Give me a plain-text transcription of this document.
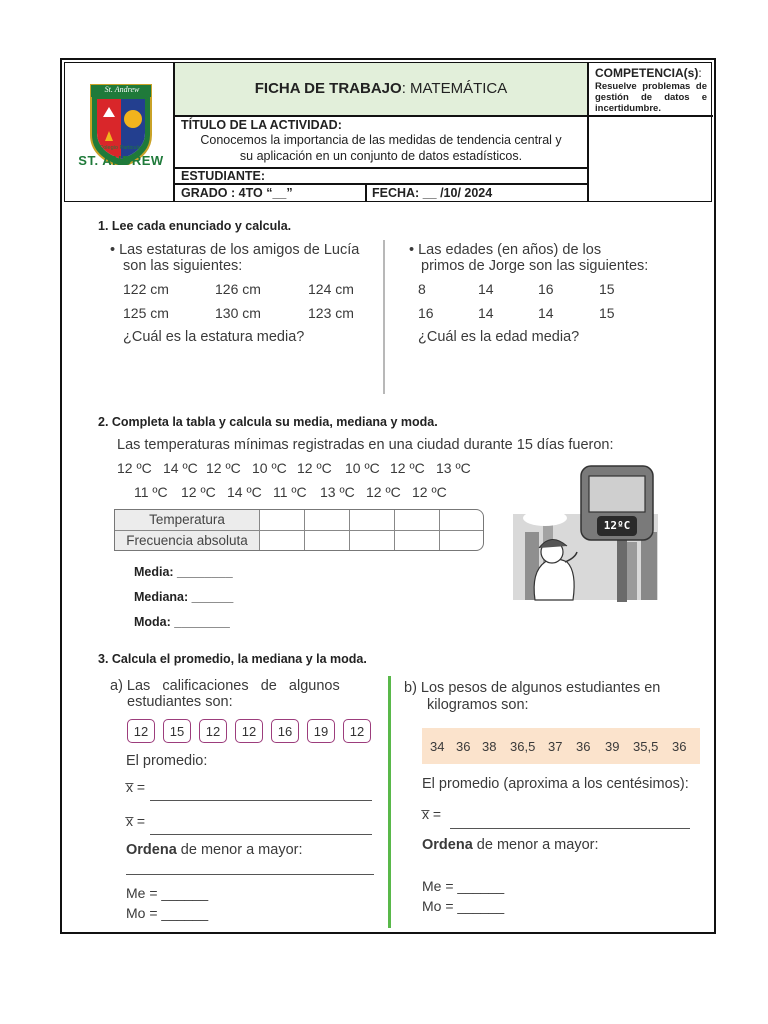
St. Andrew
Colegio Particular
ST. ANDREW
FICHA DE TRABAJO: MATEMÁTICA
COMPETENCIA(s):
Resuelve problemas de gestión de datos e incertidumbre.
TÍTULO DE LA ACTIVIDAD:
Conocemos la importancia de las medidas de tendencia central y
su aplicación en un conjunto de datos estadísticos.
ESTUDIANTE:
GRADO : 4TO “__”	FECHA: __ /10/ 2024
1. Lee cada enunciado y calcula.
• Las estaturas de los amigos de Lucía
son las siguientes:
122 cm	126 cm	124 cm
125 cm	130 cm	123 cm
¿Cuál es la estatura media?
• Las edades (en años) de los
primos de Jorge son las siguientes:
8	14	16	15
16	14	14	15
¿Cuál es la edad media?
2. Completa la tabla y calcula su media, mediana y moda.
Las temperaturas mínimas registradas en una ciudad durante 15 días fueron:
12 ºC 14 ºC 12 ºC 10 ºC 12 ºC 10 ºC 12 ºC 13 ºC
11 ºC 12 ºC 14 ºC 11 ºC 13 ºC 12 ºC 12 ºC
Temperatura
Frecuencia absoluta
Media: ________
Mediana: ______
Moda: ________
12ºC
3. Calcula el promedio, la mediana y la moda.
a) Las   calificaciones   de   algunos
estudiantes son:
12	15	12	12	16	19	12
El promedio:
x̅ =
x̅ =
Ordena de menor a mayor:
Me = ______
Mo = ______
b) Los pesos de algunos estudiantes en
kilogramos son:
34 36 38 36,5 37 36 39 35,5 36
El promedio (aproxima a los centésimos):
x̅ =
Ordena de menor a mayor:
Me = ______
Mo = ______
